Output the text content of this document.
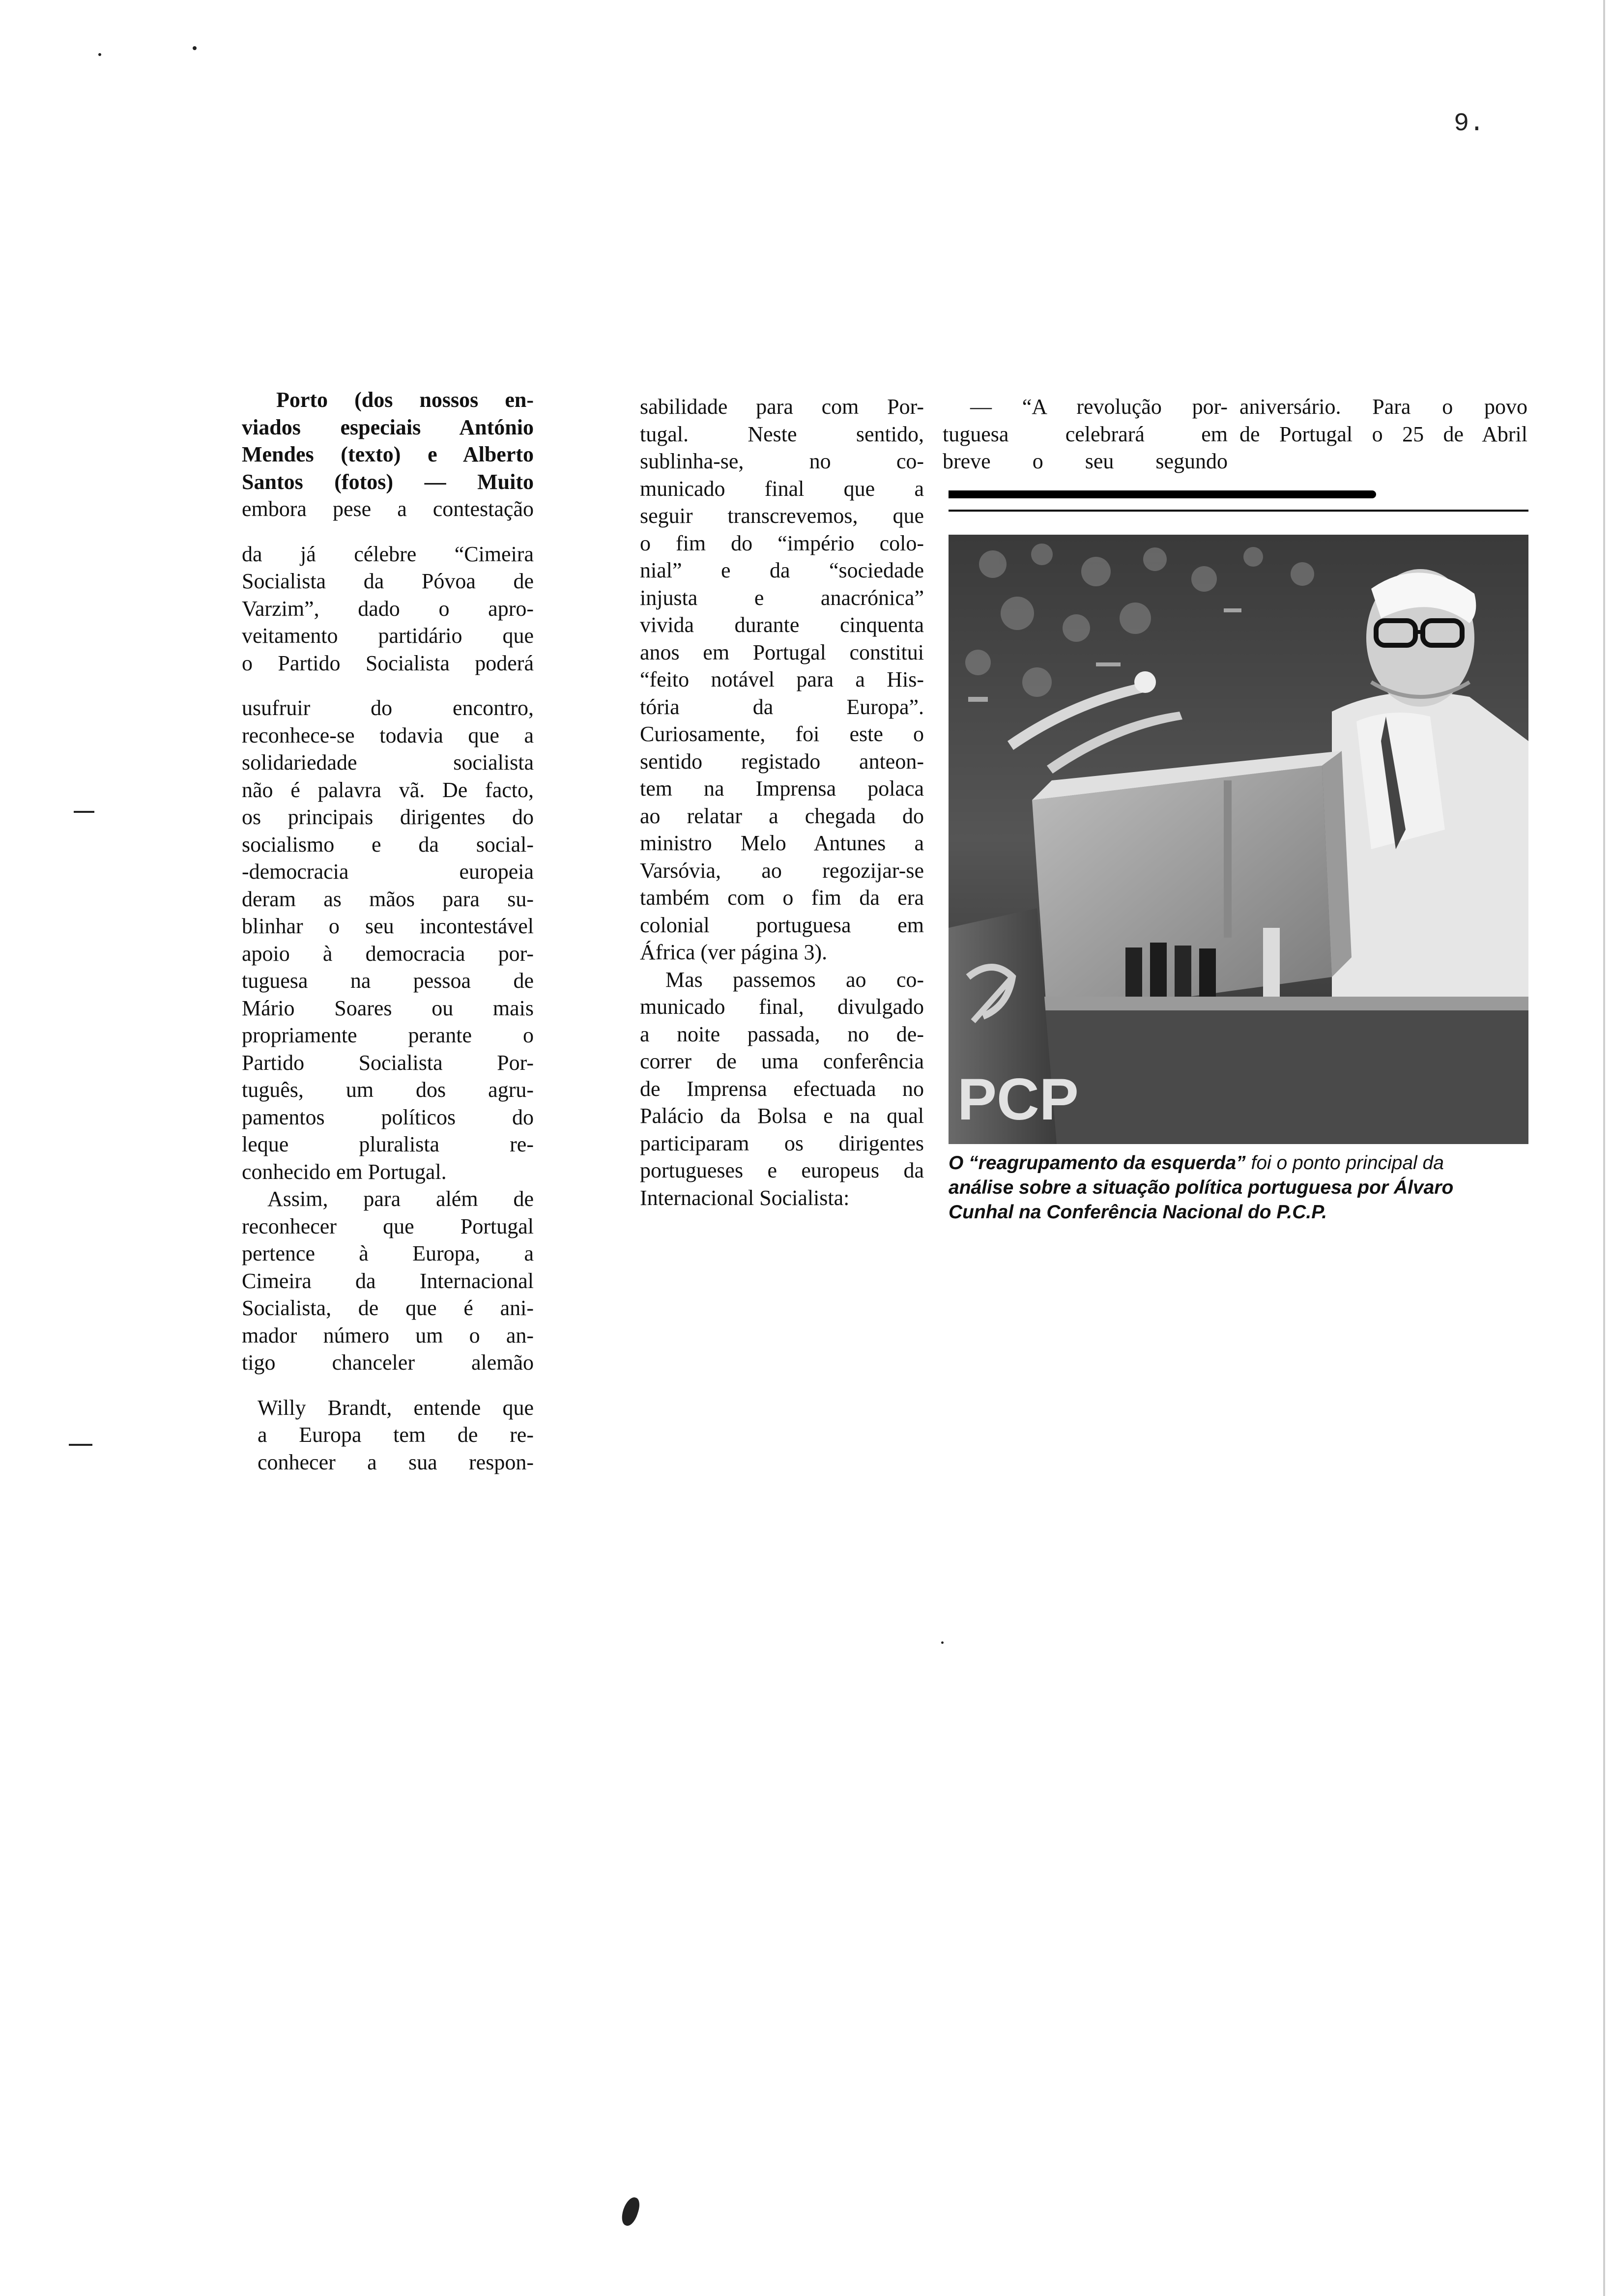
9.

Porto (dos nossos en-

viados especiais António

Mendes (texto) e Alberto

Santos (fotos) — Muito

embora pese a contestação

da já célebre “Cimeira

Socialista da Póvoa de

Varzim”, dado o apro-

veitamento partidário que

o Partido Socialista poderá

usufruir do encontro,

reconhece-se todavia que a

solidariedade socialista

não é palavra vã. De facto,

os principais dirigentes do

socialismo e da social-

-democracia europeia

deram as mãos para su-

blinhar o seu incontestável

apoio à democracia por-

tuguesa na pessoa de

Mário Soares ou mais

propriamente perante o

Partido Socialista Por-

tuguês, um dos agru-

pamentos políticos do

leque pluralista re-

conhecido em Portugal.

Assim, para além de

reconhecer que Portugal

pertence à Europa, a

Cimeira da Internacional

Socialista, de que é ani-

mador número um o an-

tigo chanceler alemão

Willy Brandt, entende que

a Europa tem de re-

conhecer a sua respon-

sabilidade para com Por-

tugal. Neste sentido,

sublinha-se, no co-

municado final que a

seguir transcrevemos, que

o fim do “império colo-

nial” e da “sociedade

injusta e anacrónica”

vivida durante cinquenta

anos em Portugal constitui

“feito notável para a His-

tória da Europa”.

Curiosamente, foi este o

sentido registado anteon-

tem na Imprensa polaca

ao relatar a chegada do

ministro Melo Antunes a

Varsóvia, ao regozijar-se

também com o fim da era

colonial portuguesa em

África (ver página 3).

Mas passemos ao co-

municado final, divulgado

a noite passada, no de-

correr de uma conferência

de Imprensa efectuada no

Palácio da Bolsa e na qual

participaram os dirigentes

portugueses e europeus da

Internacional Socialista:

— “A revolução por-

tuguesa celebrará em

breve o seu segundo

aniversário. Para o povo

de Portugal o 25 de Abril

PCP
O “reagrupamento da esquerda” foi o ponto principal da
análise sobre a situação política portuguesa por Álvaro
Cunhal na Conferência Nacional do P.C.P.
